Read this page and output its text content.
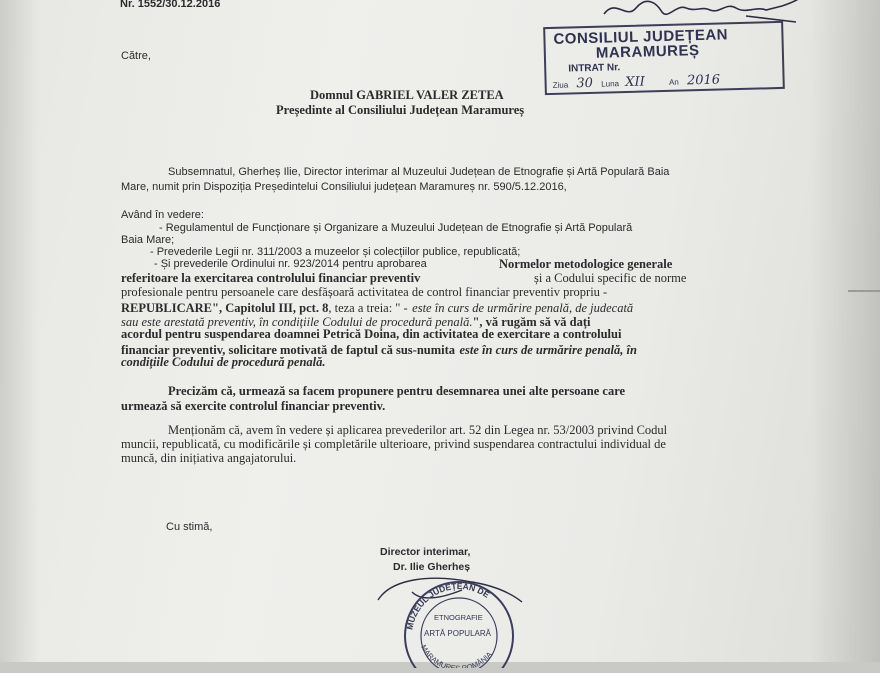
Nr. 1552/30.12.2016
CONSILIUL JUDEȚEAN
MARAMUREȘ
INTRAT Nr.
Ziua 30 Luna XII	An 2016
Către,
Domnul GABRIEL VALER ZETEA
Președinte al Consiliului Județean Maramureș
Subsemnatul, Gherheș Ilie, Director interimar al Muzeului Județean de Etnografie și Artă Populară Baia
Mare, numit prin Dispoziția Președintelui Consiliului județean Maramureș nr. 590/5.12.2016,
Având în vedere:
- Regulamentul de Funcționare și Organizare a Muzeului Județean de Etnografie și Artă Populară
Baia Mare;
- Prevederile Legii nr. 311/2003 a muzeelor și colecțiilor publice, republicată;
- Și prevederile Ordinului nr. 923/2014 pentru aprobarea	Normelor metodologice generale
referitoare la exercitarea controlului financiar preventiv	și a Codului specific de norme
profesionale pentru persoanele care desfășoară activitatea de control financiar preventiv propriu -
REPUBLICARE", Capitolul III, pct. 8, teza a treia: " - este în curs de urmărire penală, de judecată
sau este arestată preventiv, în condițiile Codului de procedură penală.", vă rugăm să vă dați
acordul pentru suspendarea doamnei Petrică Doina, din activitatea de exercitare a controlului
financiar preventiv, solicitare motivată de faptul că sus-numita este în curs de urmărire penală, în
condițiile Codului de procedură penală.
Precizăm că, urmează sa facem propunere pentru desemnarea unei alte persoane care
urmează să exercite controlul financiar preventiv.
Menționăm că, avem în vedere și aplicarea prevederilor art. 52 din Legea nr. 53/2003 privind Codul
muncii, republicată, cu modificările și completările ulterioare, privind suspendarea contractului individual de
muncă, din inițiativa angajatorului.
Cu stimă,
Director interimar,
Dr. Ilie Gherheș
MUZEUL JUDEȚEAN DE
ETNOGRAFIE
ARTĂ POPULARĂ
MARAMURE ROMÂNIA
